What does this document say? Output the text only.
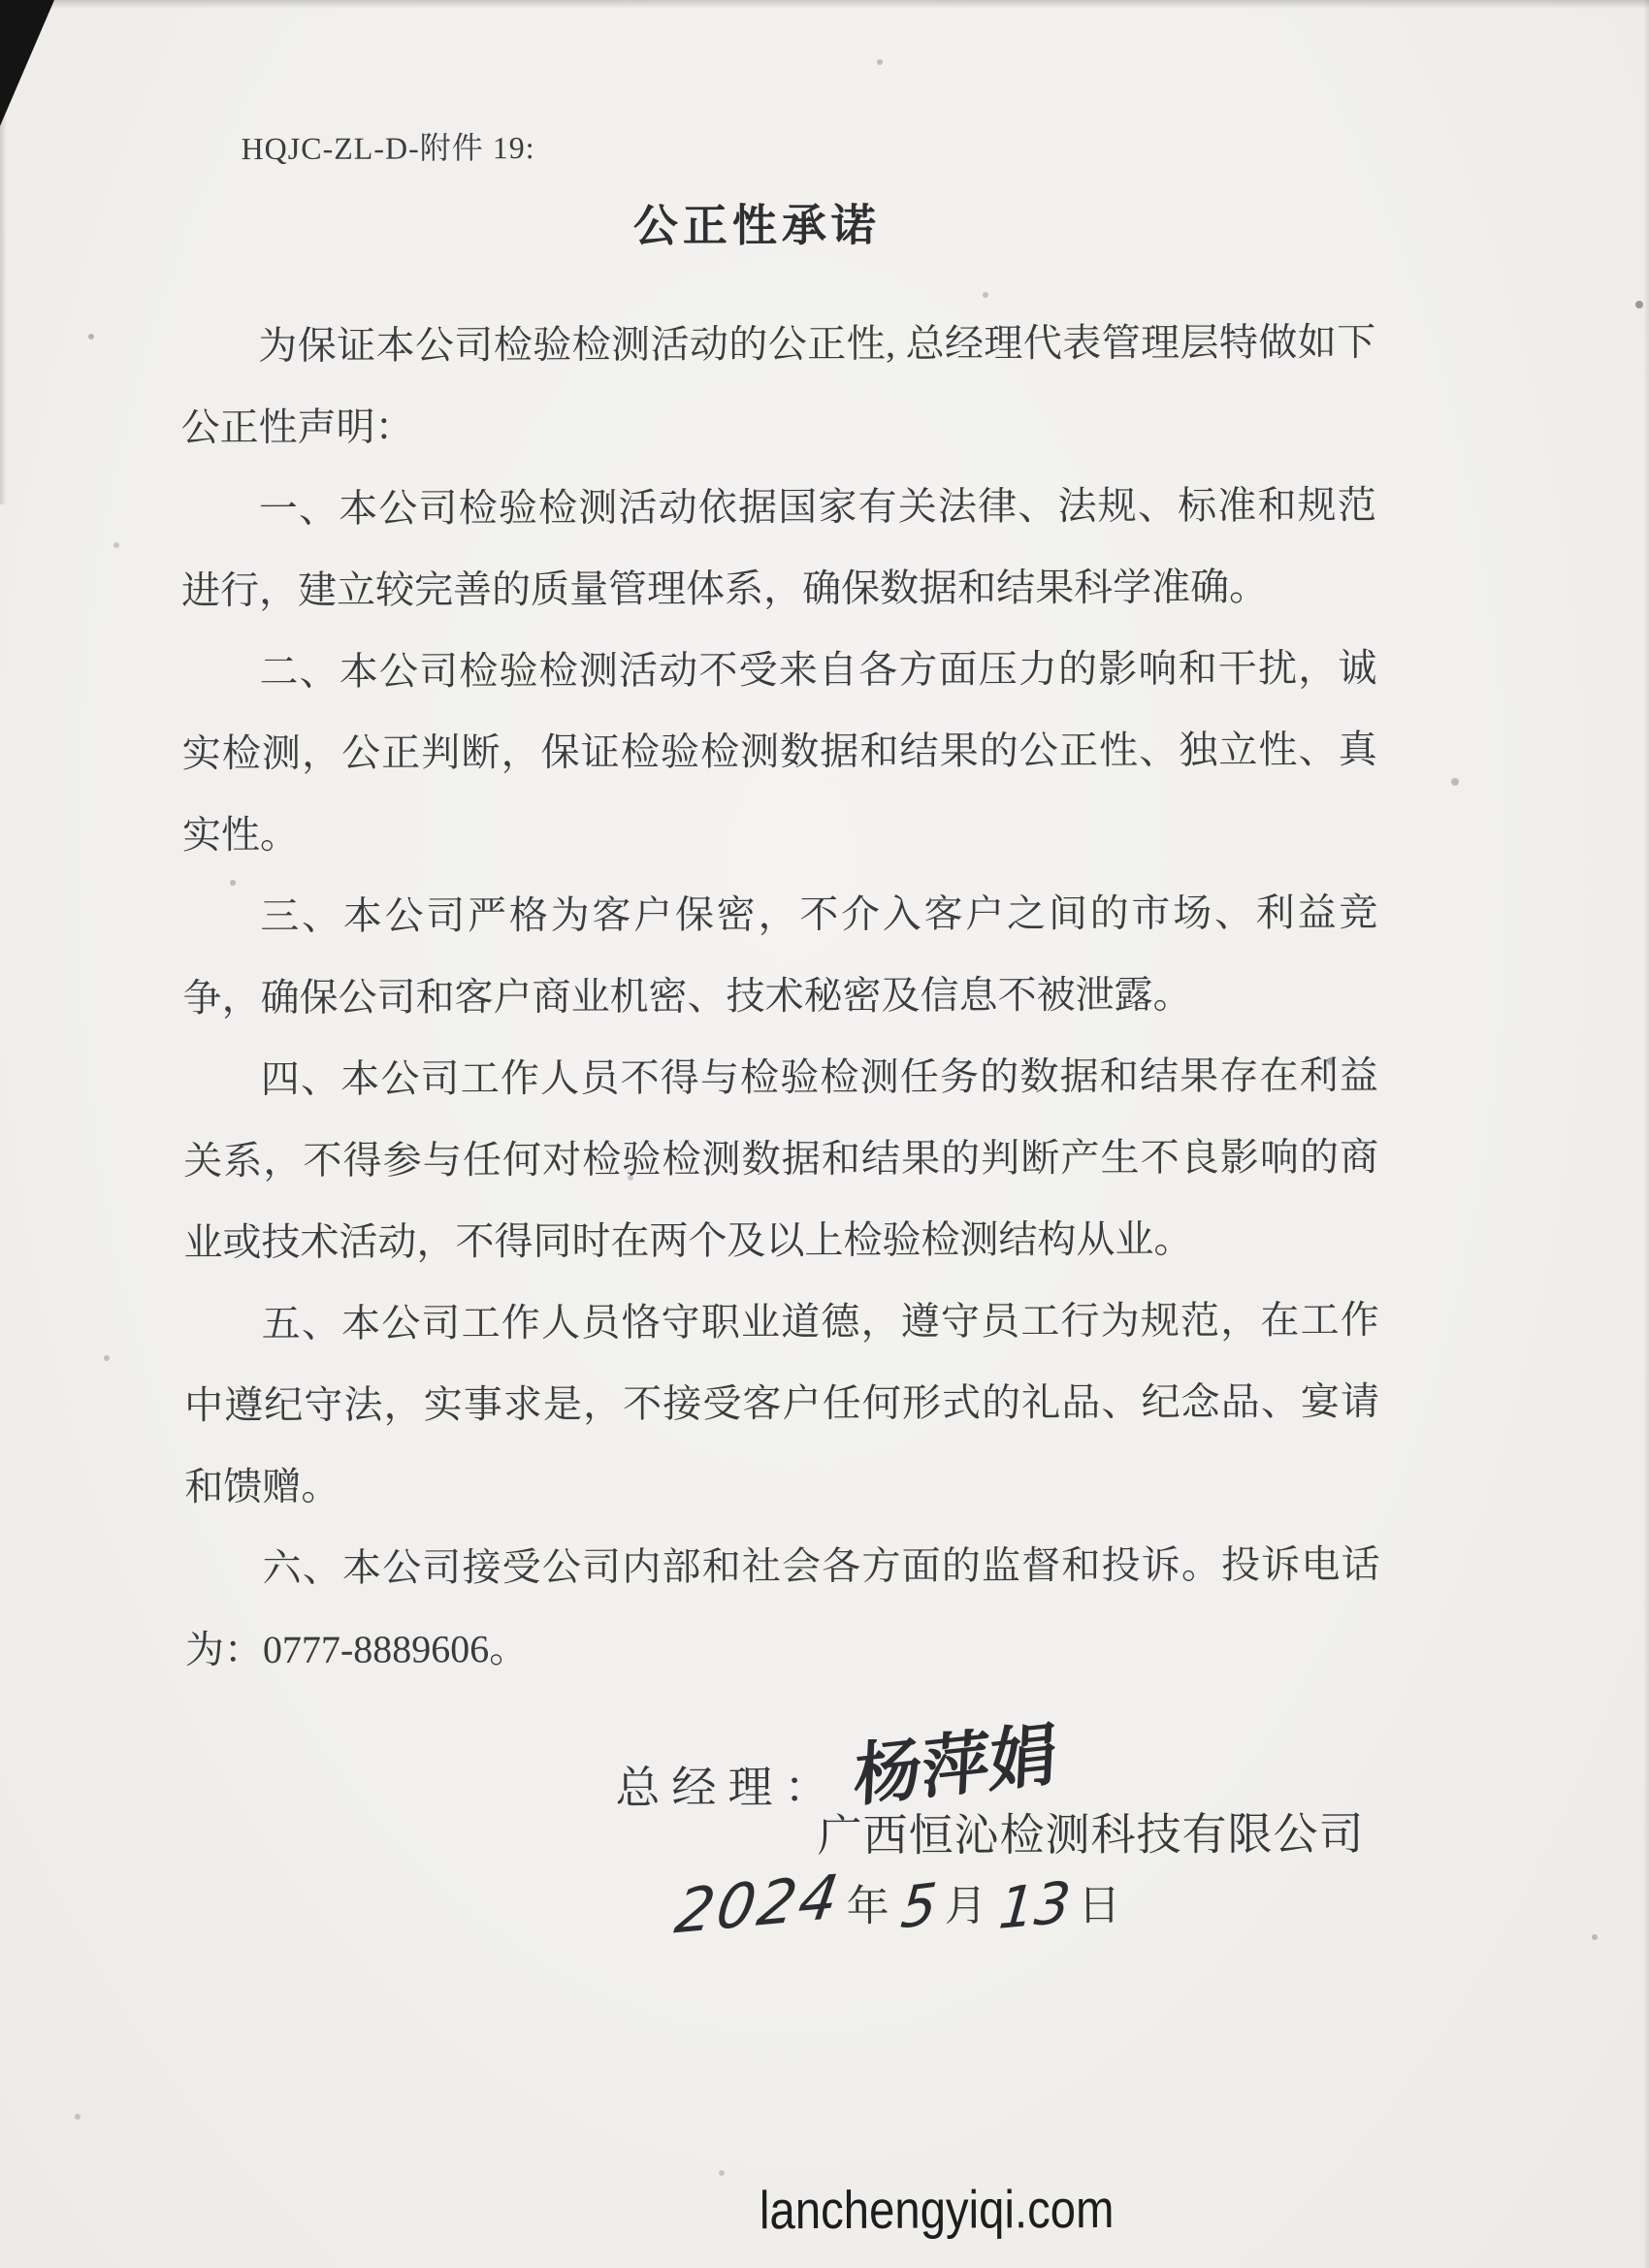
HQJC-ZL-D-附件 19:
公正性承诺

为保证本公司检验检测活动的公正性, 总经理代表管理层特做如下公正性声明：

一、本公司检验检测活动依据国家有关法律、法规、标准和规范进行，建立较完善的质量管理体系，确保数据和结果科学准确。

二、本公司检验检测活动不受来自各方面压力的影响和干扰，诚实检测，公正判断，保证检验检测数据和结果的公正性、独立性、真实性。

三、本公司严格为客户保密，不介入客户之间的市场、利益竞争，确保公司和客户商业机密、技术秘密及信息不被泄露。

四、本公司工作人员不得与检验检测任务的数据和结果存在利益关系，不得参与任何对检验检测数据和结果的判断产生不良影响的商业或技术活动，不得同时在两个及以上检验检测结构从业。

五、本公司工作人员恪守职业道德，遵守员工行为规范，在工作中遵纪守法，实事求是，不接受客户任何形式的礼品、纪念品、宴请和馈赠。

六、本公司接受公司内部和社会各方面的监督和投诉。投诉电话为：0777-8889606。

总经理： 杨萍娟
广西恒沁检测科技有限公司
2024 年 5 月 13 日
lanchengyiqi.com
